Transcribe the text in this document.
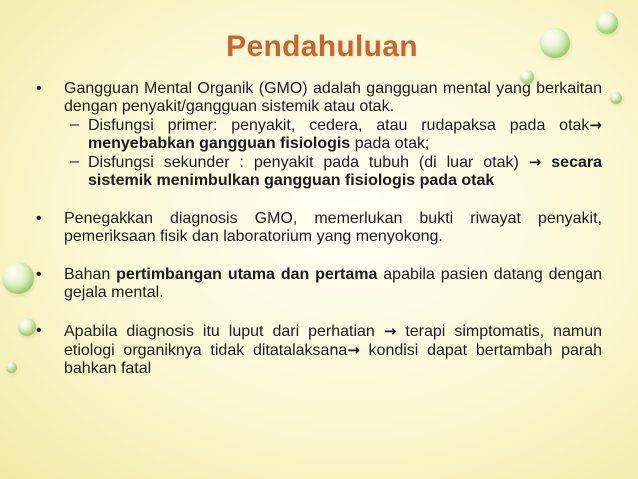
Pendahuluan
• Gangguan Mental Organik (GMO) adalah gangguan mental yang berkaitan dengan penyakit/gangguan sistemik atau otak.
– Disfungsi primer: penyakit, cedera, atau rudapaksa pada otak→ menyebabkan gangguan fisiologis pada otak;
– Disfungsi sekunder : penyakit pada tubuh (di luar otak) → secara sistemik menimbulkan gangguan fisiologis pada otak
• Penegakkan diagnosis GMO, memerlukan bukti riwayat penyakit, pemeriksaan fisik dan laboratorium yang menyokong.
• Bahan pertimbangan utama dan pertama apabila pasien datang dengan gejala mental.
• Apabila diagnosis itu luput dari perhatian → terapi simptomatis, namun etiologi organiknya tidak ditatalaksana→ kondisi dapat bertambah parah bahkan fatal
